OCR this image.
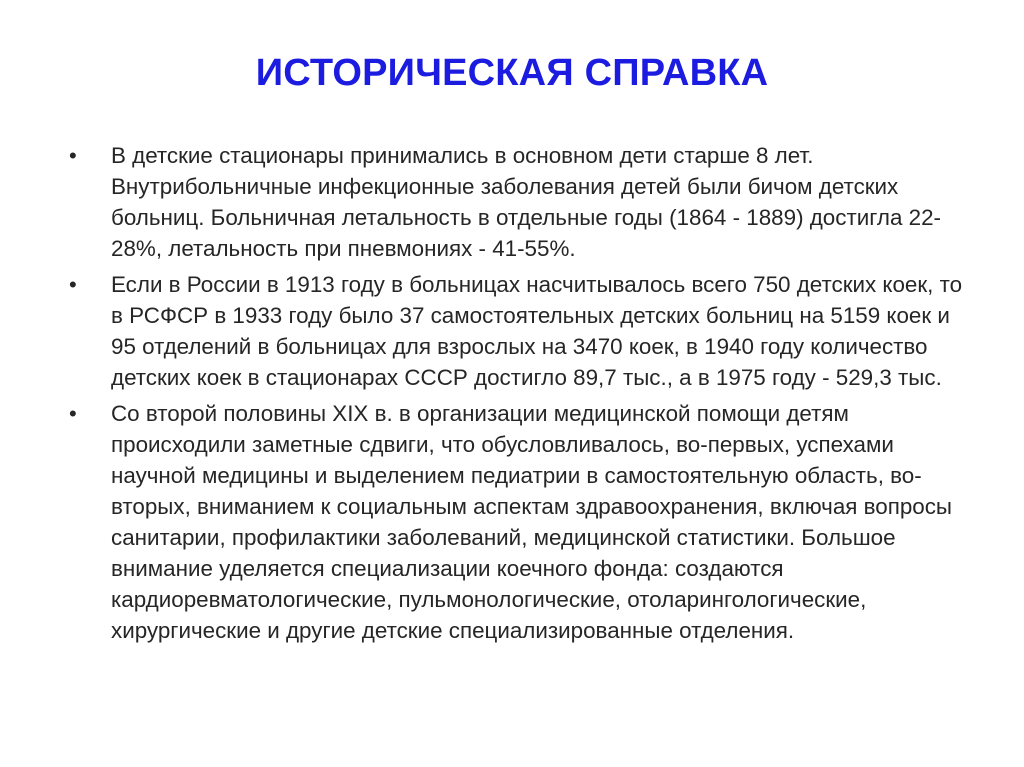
ИСТОРИЧЕСКАЯ СПРАВКА
•	В детские стационары принимались в основном дети старше 8 лет. Внутрибольничные инфекционные заболевания детей были бичом детских больниц. Больничная летальность в отдельные годы (1864 - 1889) достигла 22-28%, летальность при пневмониях - 41-55%.
•	Если в России в 1913 году в больницах насчитывалось всего 750 детских коек, то в РСФСР в 1933 году было 37 самостоятельных детских больниц на 5159 коек и 95 отделений в больницах для взрослых на 3470 коек, в 1940 году количество детских коек в стационарах СССР достигло 89,7 тыс., а в 1975 году - 529,3 тыс.
•	Со второй половины XIX в. в организации медицинской помощи детям происходили заметные сдвиги, что обусловливалось, во-первых, успехами научной медицины и выделением педиатрии в самостоятельную область, во-вторых, вниманием к социальным аспектам здравоохранения, включая вопросы санитарии, профилактики заболеваний, медицинской статистики. Большое внимание уделяется специализации коечного фонда: создаются кардиоревматологические, пульмонологические, отоларингологические, хирургические и другие детские специализированные отделения.
